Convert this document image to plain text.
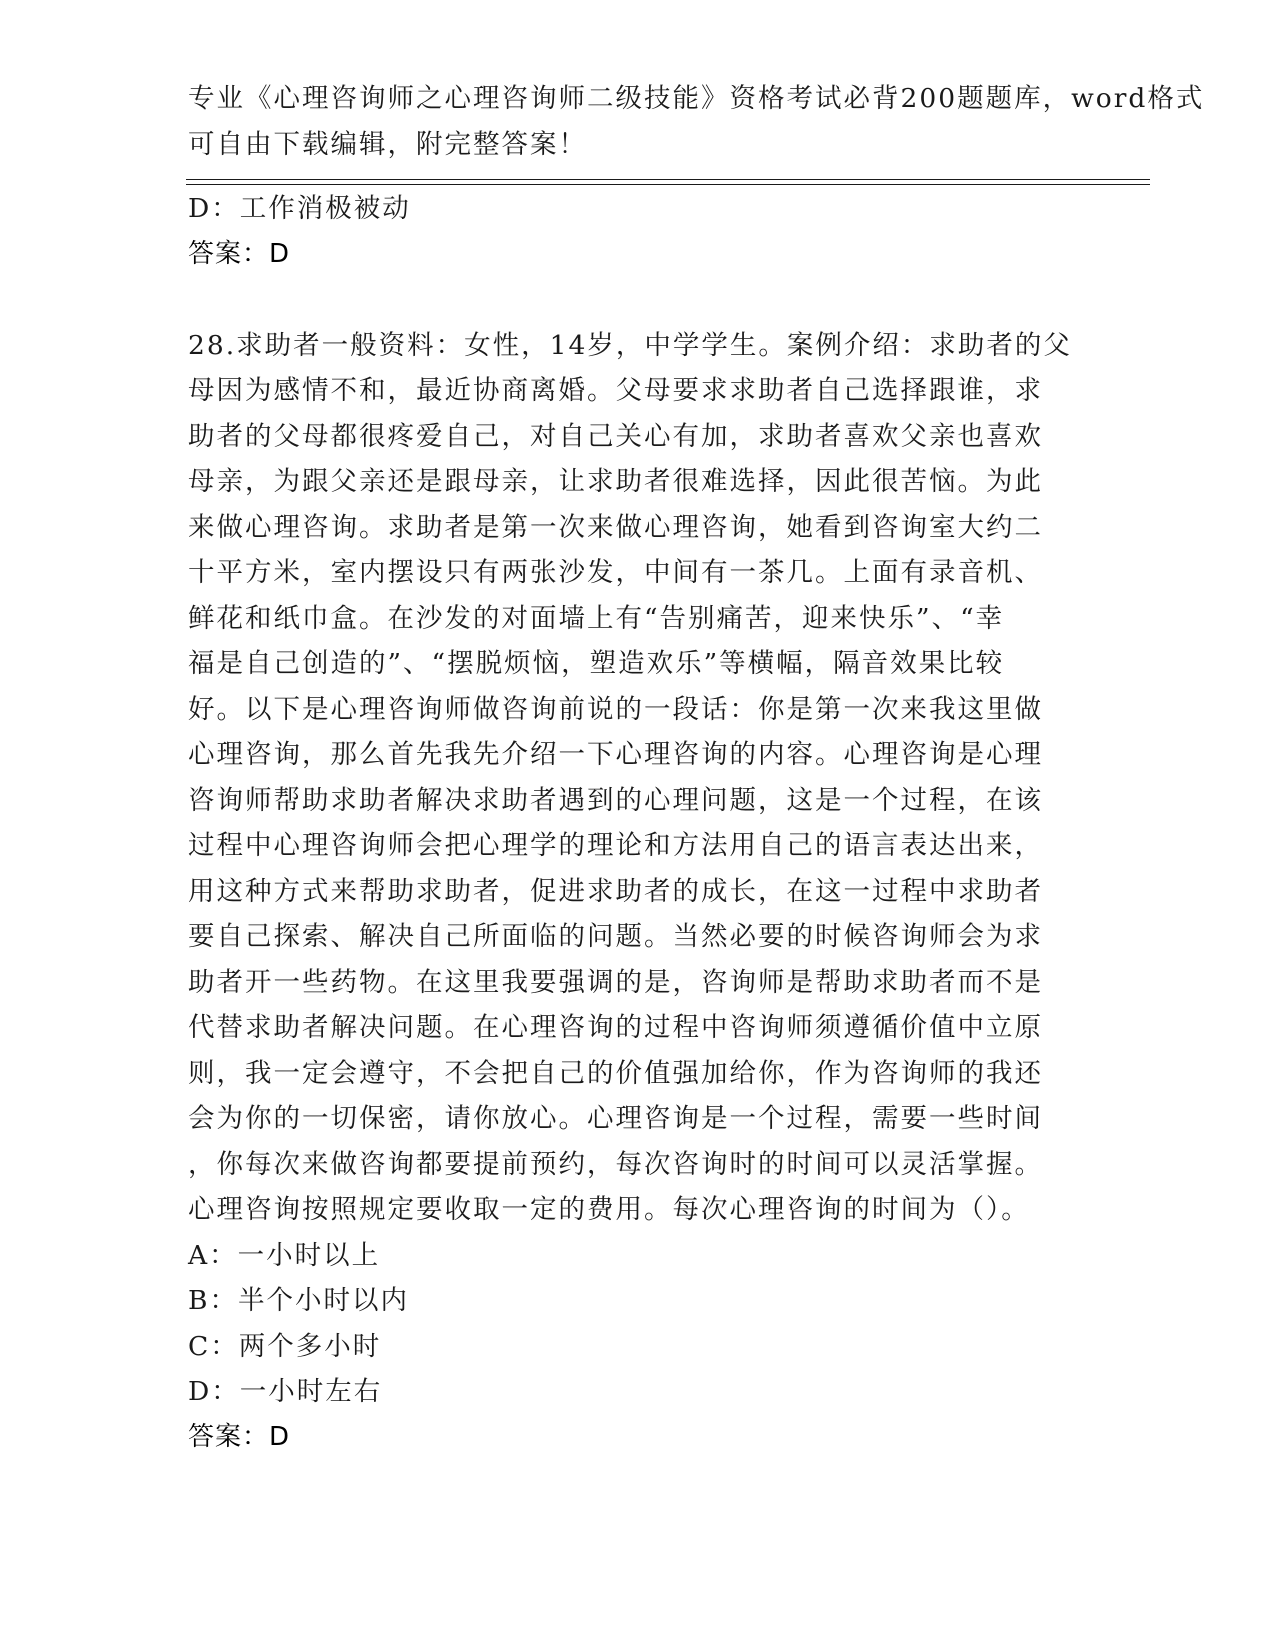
专业《心理咨询师之心理咨询师二级技能》资格考试必背200题题库，word格式
可自由下载编辑，附完整答案！
D：工作消极被动
答案：D
28.求助者一般资料：女性，14岁，中学学生。案例介绍：求助者的父
母因为感情不和，最近协商离婚。父母要求求助者自己选择跟谁，求
助者的父母都很疼爱自己，对自己关心有加，求助者喜欢父亲也喜欢
母亲，为跟父亲还是跟母亲，让求助者很难选择，因此很苦恼。为此
来做心理咨询。求助者是第一次来做心理咨询，她看到咨询室大约二
十平方米，室内摆设只有两张沙发，中间有一茶几。上面有录音机、
鲜花和纸巾盒。在沙发的对面墙上有“告别痛苦，迎来快乐”、“幸
福是自己创造的”、“摆脱烦恼，塑造欢乐”等横幅，隔音效果比较
好。以下是心理咨询师做咨询前说的一段话：你是第一次来我这里做
心理咨询，那么首先我先介绍一下心理咨询的内容。心理咨询是心理
咨询师帮助求助者解决求助者遇到的心理问题，这是一个过程，在该
过程中心理咨询师会把心理学的理论和方法用自己的语言表达出来，
用这种方式来帮助求助者，促进求助者的成长，在这一过程中求助者
要自己探索、解决自己所面临的问题。当然必要的时候咨询师会为求
助者开一些药物。在这里我要强调的是，咨询师是帮助求助者而不是
代替求助者解决问题。在心理咨询的过程中咨询师须遵循价值中立原
则，我一定会遵守，不会把自己的价值强加给你，作为咨询师的我还
会为你的一切保密，请你放心。心理咨询是一个过程，需要一些时间
，你每次来做咨询都要提前预约，每次咨询时的时间可以灵活掌握。
心理咨询按照规定要收取一定的费用。每次心理咨询的时间为（）。
A：一小时以上
B：半个小时以内
C：两个多小时
D：一小时左右
答案：D
